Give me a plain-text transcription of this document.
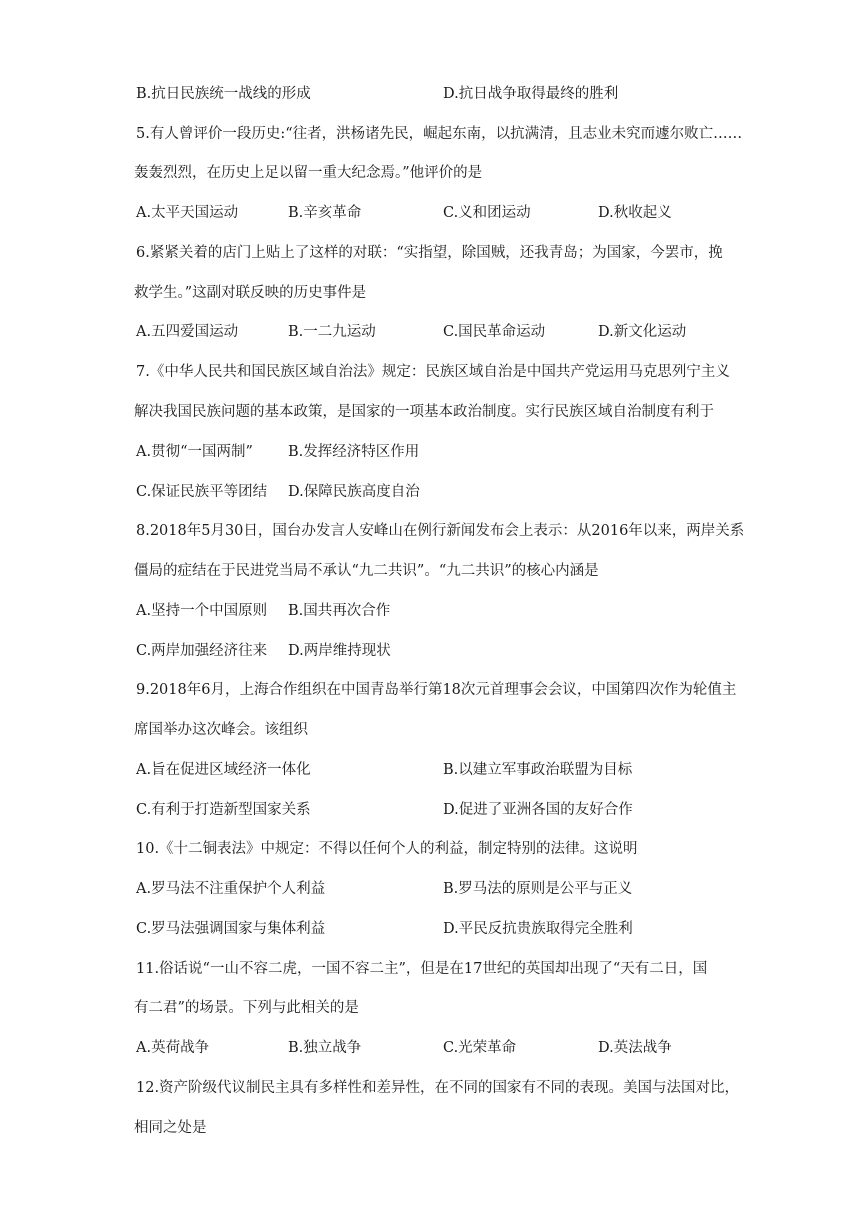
B.抗日民族统一战线的形成	D.抗日战争取得最终的胜利
5.有人曾评价一段历史:“往者，洪杨诸先民，崛起东南，以抗满清，且志业未究而遽尔败亡……
轰轰烈烈，在历史上足以留一重大纪念焉。”他评价的是
A.太平天国运动	B.辛亥革命	C.义和团运动	D.秋收起义
6.紧紧关着的店门上贴上了这样的对联：“实指望，除国贼，还我青岛；为国家，今罢市，挽
救学生。”这副对联反映的历史事件是
A.五四爱国运动	B.一二九运动	C.国民革命运动	D.新文化运动
7.《中华人民共和国民族区域自治法》规定：民族区域自治是中国共产党运用马克思列宁主义
解决我国民族问题的基本政策，是国家的一项基本政治制度。实行民族区域自治制度有利于
A.贯彻“一国两制” B.发挥经济特区作用
C.保证民族平等团结 D.保障民族高度自治
8.2018年5月30日，国台办发言人安峰山在例行新闻发布会上表示：从2016年以来，两岸关系
僵局的症结在于民进党当局不承认“九二共识”。“九二共识”的核心内涵是
A.坚持一个中国原则 B.国共再次合作
C.两岸加强经济往来 D.两岸维持现状
9.2018年6月，上海合作组织在中国青岛举行第18次元首理事会会议，中国第四次作为轮值主
席国举办这次峰会。该组织
A.旨在促进区域经济一体化	B.以建立军事政治联盟为目标
C.有利于打造新型国家关系	D.促进了亚洲各国的友好合作
10.《十二铜表法》中规定：不得以任何个人的利益，制定特别的法律。这说明
A.罗马法不注重保护个人利益	B.罗马法的原则是公平与正义
C.罗马法强调国家与集体利益	D.平民反抗贵族取得完全胜利
11.俗话说“一山不容二虎，一国不容二主”，但是在17世纪的英国却出现了“天有二日，国
有二君”的场景。下列与此相关的是
A.英荷战争	B.独立战争	C.光荣革命	D.英法战争
12.资产阶级代议制民主具有多样性和差异性，在不同的国家有不同的表现。美国与法国对比，
相同之处是
